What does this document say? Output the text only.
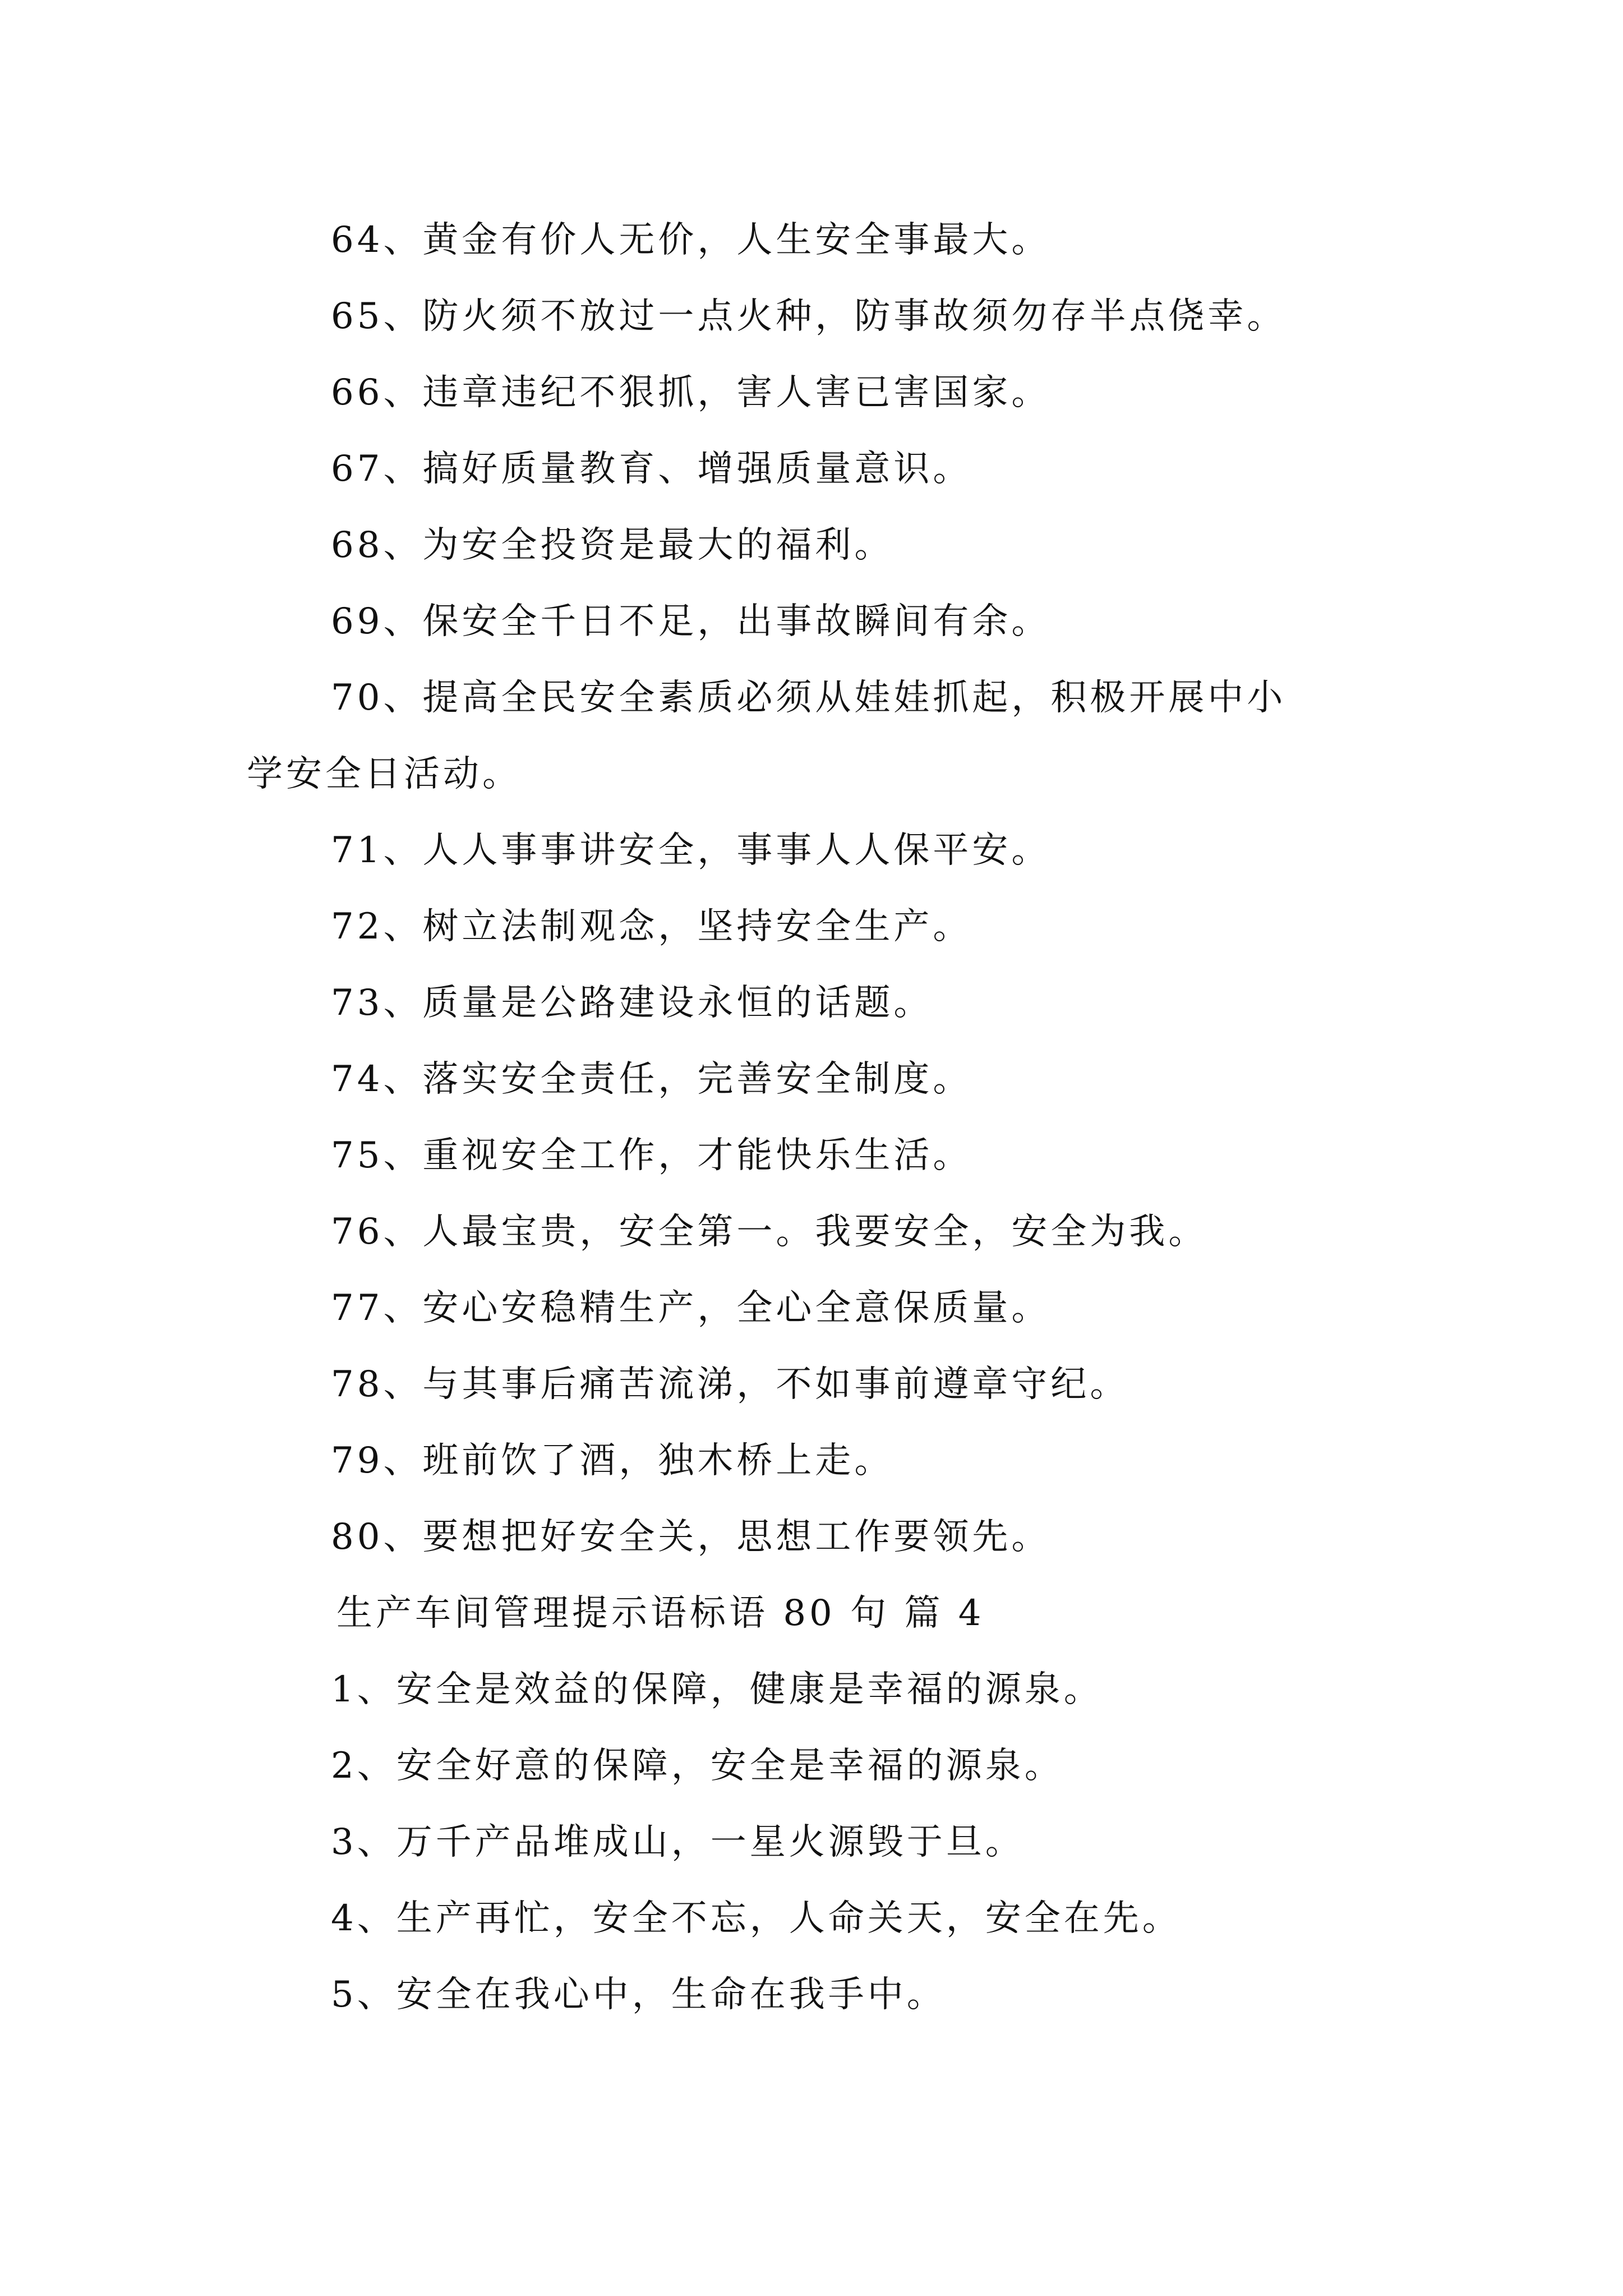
64、黄金有价人无价，人生安全事最大。

65、防火须不放过一点火种，防事故须勿存半点侥幸。

66、违章违纪不狠抓，害人害已害国家。

67、搞好质量教育、增强质量意识。

68、为安全投资是最大的福利。

69、保安全千日不足，出事故瞬间有余。

70、提高全民安全素质必须从娃娃抓起，积极开展中小

学安全日活动。

71、人人事事讲安全，事事人人保平安。

72、树立法制观念，坚持安全生产。

73、质量是公路建设永恒的话题。

74、落实安全责任，完善安全制度。

75、重视安全工作，才能快乐生活。

76、人最宝贵，安全第一。我要安全，安全为我。

77、安心安稳精生产，全心全意保质量。

78、与其事后痛苦流涕，不如事前遵章守纪。

79、班前饮了酒，独木桥上走。

80、要想把好安全关，思想工作要领先。

生产车间管理提示语标语 80 句 篇 4

1、安全是效益的保障，健康是幸福的源泉。

2、安全好意的保障，安全是幸福的源泉。

3、万千产品堆成山，一星火源毁于旦。

4、生产再忙，安全不忘，人命关天，安全在先。

5、安全在我心中，生命在我手中。
